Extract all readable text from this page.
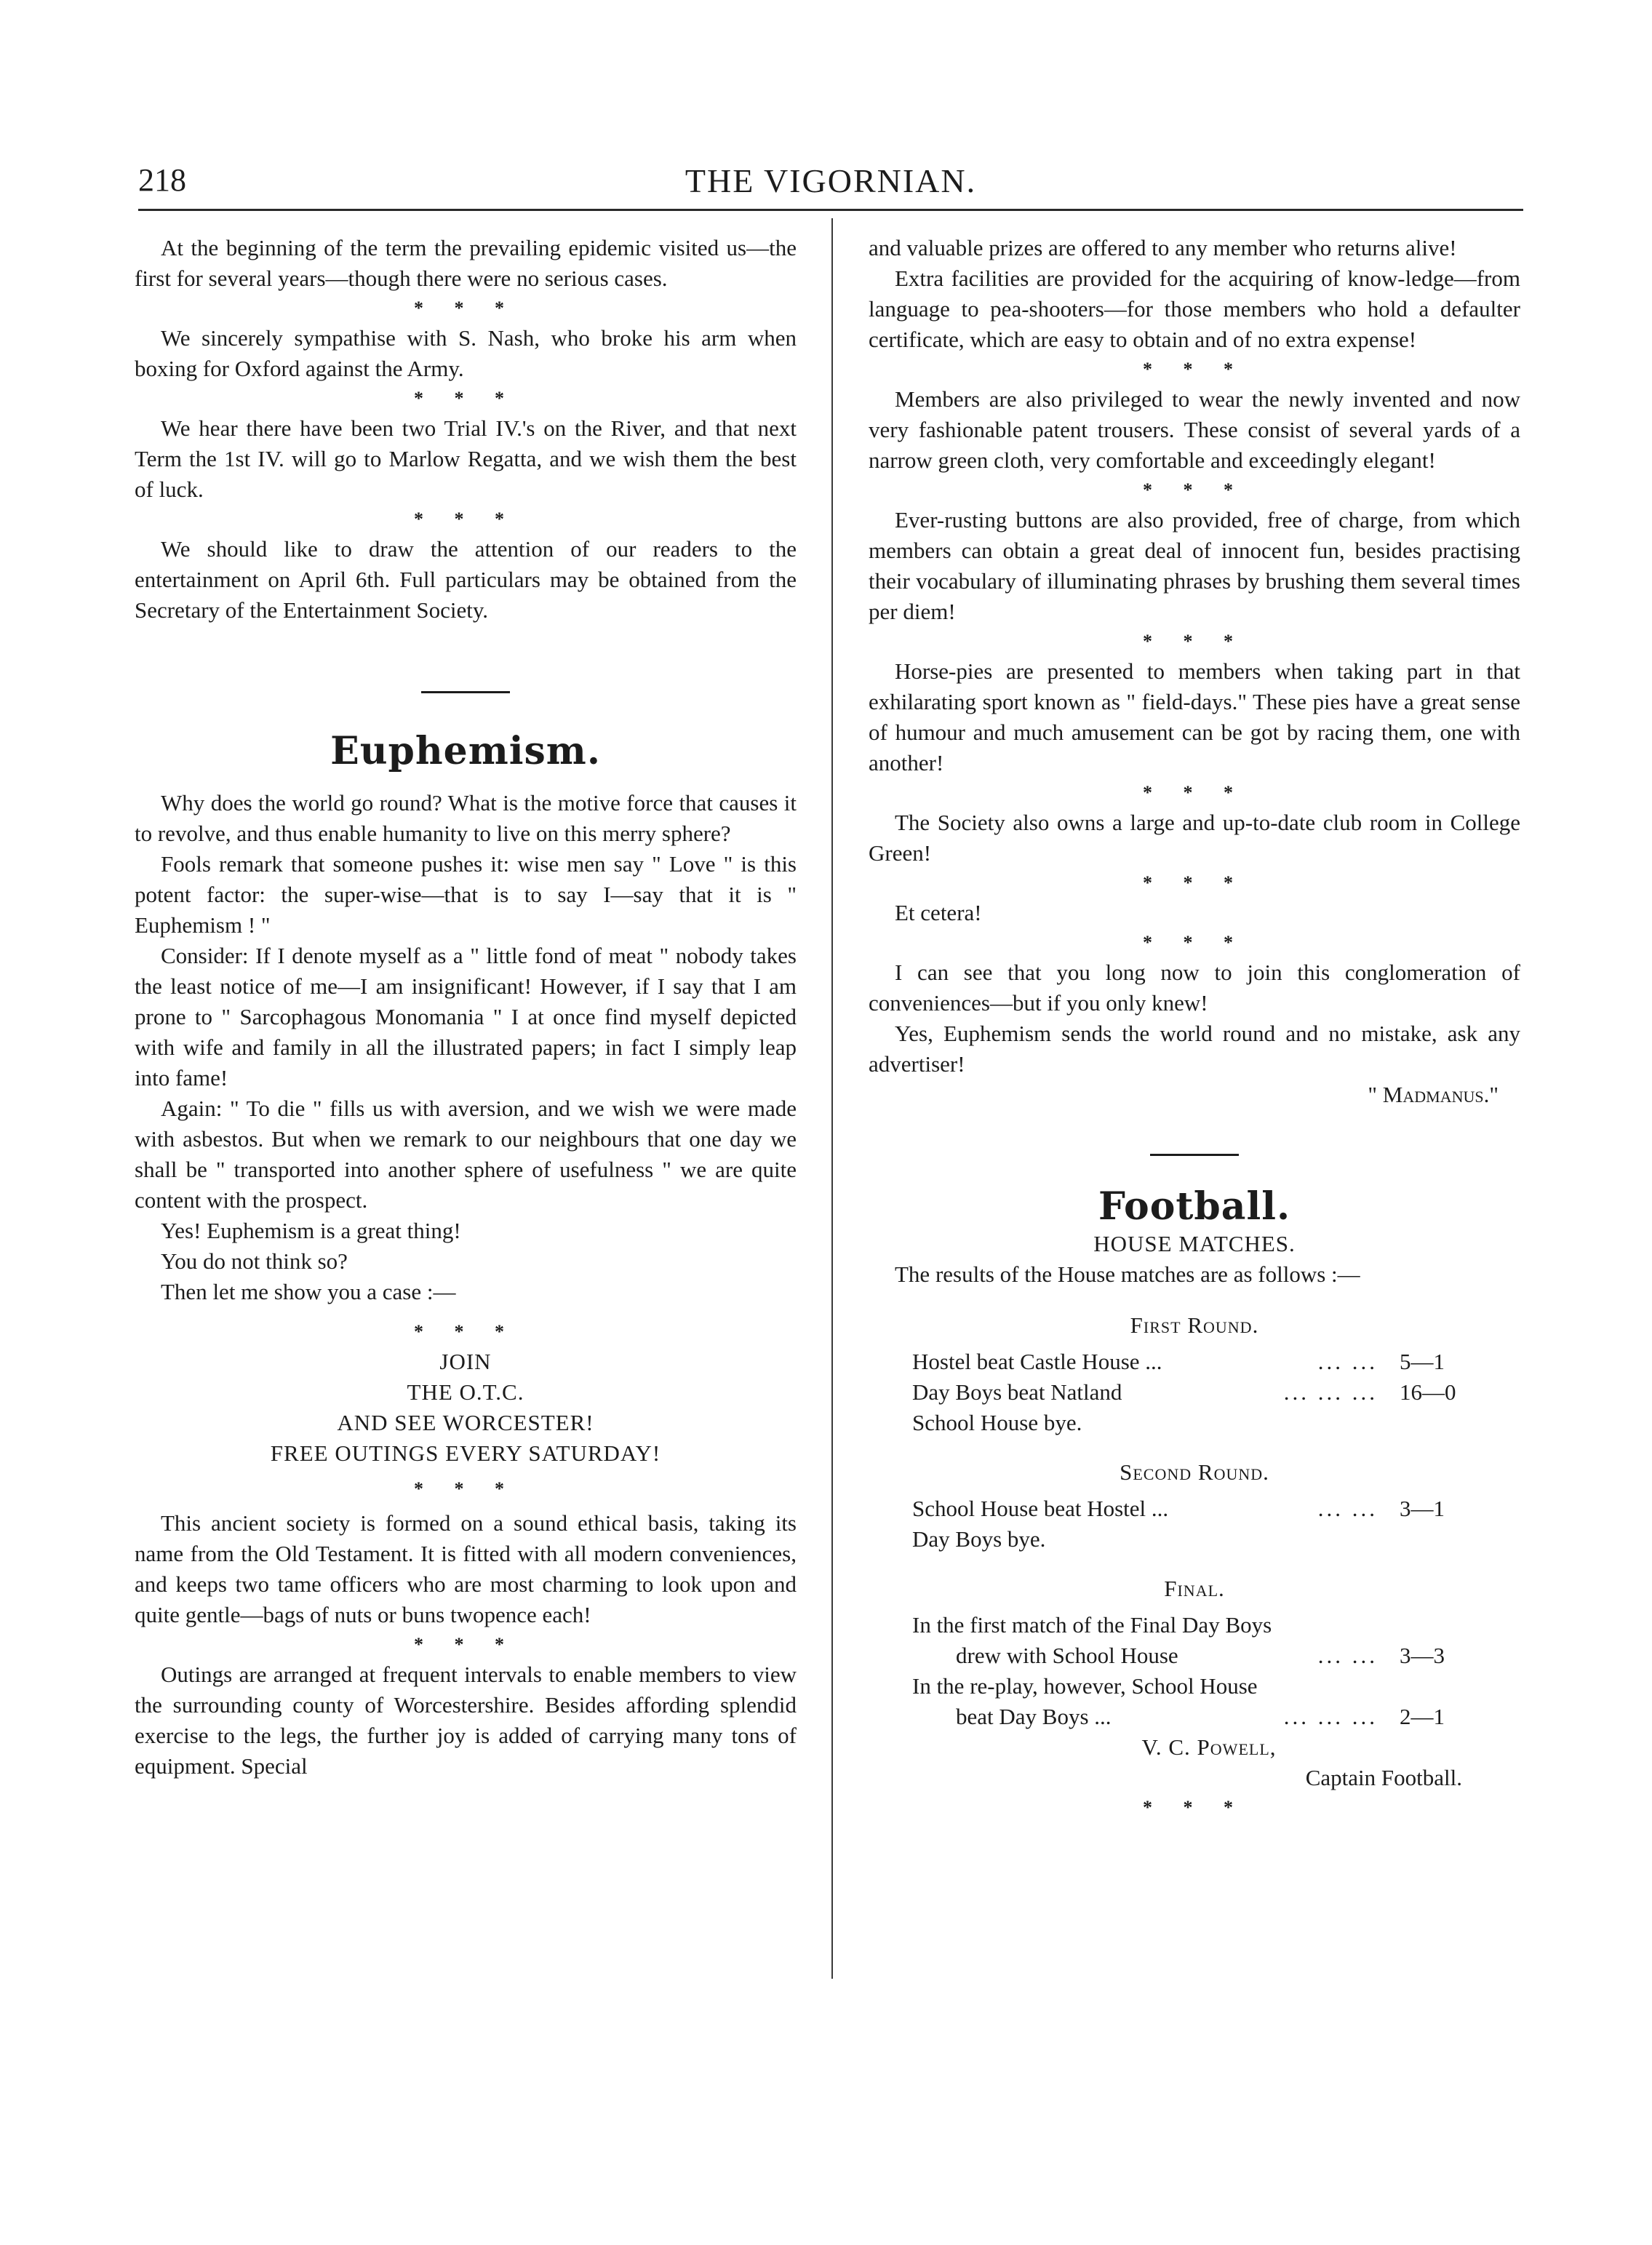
218	THE VIGORNIAN.

At the beginning of the term the prevailing epidemic visited us—the first for several years—though there were no serious cases.

* * *

We sincerely sympathise with S. Nash, who broke his arm when boxing for Oxford against the Army.

* * *

We hear there have been two Trial IV.'s on the River, and that next Term the 1st IV. will go to Marlow Regatta, and we wish them the best of luck.

* * *

We should like to draw the attention of our readers to the entertainment on April 6th. Full particulars may be obtained from the Secretary of the Entertainment Society.

Euphemism.

Why does the world go round? What is the motive force that causes it to revolve, and thus enable humanity to live on this merry sphere?

Fools remark that someone pushes it: wise men say " Love " is this potent factor: the super-wise—that is to say I—say that it is " Euphemism ! "

Consider: If I denote myself as a " little fond of meat " nobody takes the least notice of me—I am insignificant! However, if I say that I am prone to " Sarcophagous Monomania " I at once find myself depicted with wife and family in all the illustrated papers; in fact I simply leap into fame!

Again: " To die " fills us with aversion, and we wish we were made with asbestos. But when we remark to our neighbours that one day we shall be " transported into another sphere of usefulness " we are quite content with the prospect.

Yes! Euphemism is a great thing!

You do not think so?

Then let me show you a case :—

* * *
JOIN
THE O.T.C.
AND SEE WORCESTER!
FREE OUTINGS EVERY SATURDAY!
* * *

This ancient society is formed on a sound ethical basis, taking its name from the Old Testament. It is fitted with all modern conveniences, and keeps two tame officers who are most charming to look upon and quite gentle—bags of nuts or buns twopence each!

* * *

Outings are arranged at frequent intervals to enable members to view the surrounding county of Worcestershire. Besides affording splendid exercise to the legs, the further joy is added of carrying many tons of equipment. Special

and valuable prizes are offered to any member who returns alive!

Extra facilities are provided for the acquiring of know-ledge—from language to pea-shooters—for those members who hold a defaulter certificate, which are easy to obtain and of no extra expense!

* * *

Members are also privileged to wear the newly invented and now very fashionable patent trousers. These consist of several yards of a narrow green cloth, very comfortable and exceedingly elegant!

* * *

Ever-rusting buttons are also provided, free of charge, from which members can obtain a great deal of innocent fun, besides practising their vocabulary of illuminating phrases by brushing them several times per diem!

* * *

Horse-pies are presented to members when taking part in that exhilarating sport known as " field-days." These pies have a great sense of humour and much amusement can be got by racing them, one with another!

* * *

The Society also owns a large and up-to-date club room in College Green!

* * *

Et cetera!

* * *

I can see that you long now to join this conglomeration of conveniences—but if you only knew!

Yes, Euphemism sends the world round and no mistake, ask any advertiser!

" Madmanus."
Football.
HOUSE MATCHES.

The results of the House matches are as follows :—

First Round.
Hostel beat Castle House ...	... ... 5—1
Day Boys beat Natland	... ... ... 16—0
School House bye.
Second Round.
School House beat Hostel ...	... ... 3—1
Day Boys bye.
Final.
In the first match of the Final Day Boys
drew with School House	... ... 3—3
In the re-play, however, School House
beat Day Boys ...	... ... ... 2—1
V. C. Powell,
Captain Football.
* * *
